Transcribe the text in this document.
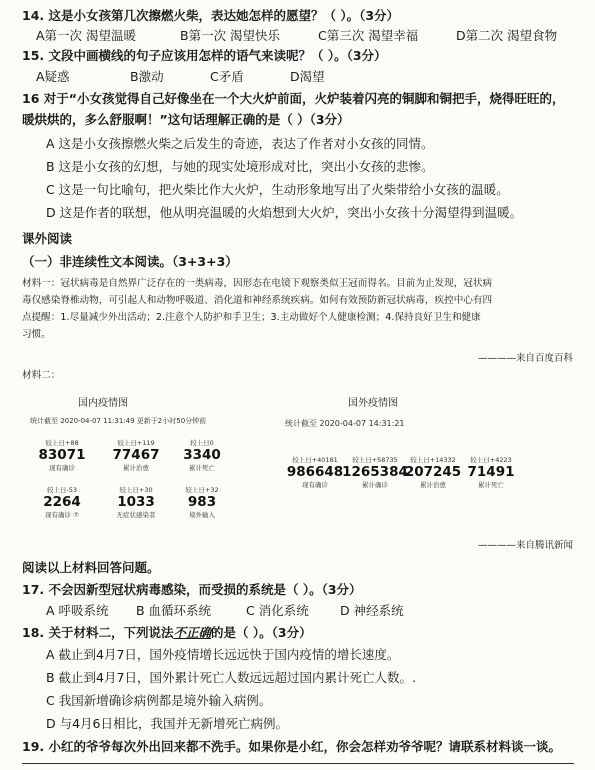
14. 这是小女孩第几次擦燃火柴，表达她怎样的愿望？（ ）。（3分）
A第一次 渴望温暖	B第一次 渴望快乐	C第三次 渴望幸福	D第二次 渴望食物
15. 文段中画横线的句子应该用怎样的语气来读呢？（ ）。（3分）
A疑惑	B激动	C矛盾	D渴望
16 对于“小女孩觉得自己好像坐在一个大火炉前面，火炉装着闪亮的铜脚和铜把手，烧得旺旺的，
暖烘烘的，多么舒服啊！”这句话理解正确的是（ ）（3分）
A 这是小女孩擦燃火柴之后发生的奇迹，表达了作者对小女孩的同情。
B 这是小女孩的幻想，与她的现实处境形成对比，突出小女孩的悲惨。
C 这是一句比喻句，把火柴比作大火炉，生动形象地写出了火柴带给小女孩的温暖。
D 这是作者的联想，他从明亮温暖的火焰想到大火炉，突出小女孩十分渴望得到温暖。
课外阅读
（一）非连续性文本阅读。（3+3+3）
材料一：冠状病毒是自然界广泛存在的一类病毒，因形态在电镜下观察类似王冠而得名。目前为止发现，冠状病
毒仅感染脊椎动物，可引起人和动物呼吸道、消化道和神经系统疾病。如何有效预防新冠状病毒，疾控中心有四
点提醒：1.尽量减少外出活动；2.注意个人防护和手卫生；3.主动做好个人健康检测；4.保持良好卫生和健康
习惯。
————来自百度百科
材料二：
国内疫情图
统计截至 2020-04-07 11:31:49 更新于2小时50分钟前
较上日+88
83071
现有确诊
较上日+119
77467
累计治愈
较上日0
3340
累计死亡
较上日-53
2264
现有确诊 ⑦
较上日+30
1033
无症状感染者
较上日+32
983
境外输入
国外疫情图
统计截至 2020-04-07 14:31:21
较上日+40181
986648
现有确诊
较上日+58735
1265384
累计确诊
较上日+14332
207245
累计治愈
较上日+4223
71491
累计死亡
————来自腾讯新闻
阅读以上材料回答问题。
17. 不会因新型冠状病毒感染，而受损的系统是（ ）。（3分）
A 呼吸系统 B 血循环系统	C 消化系统	D 神经系统
18. 关于材料二，下列说法不正确的是（ ）。（3分）
A 截止到4月7日，国外疫情增长远远快于国内疫情的增长速度。
B 截止到4月7日，国外累计死亡人数远远超过国内累计死亡人数。.
C 我国新增确诊病例都是境外输入病例。
D 与4月6日相比，我国并无新增死亡病例。
19. 小红的爷爷每次外出回来都不洗手。如果你是小红，你会怎样劝爷爷呢？请联系材料谈一谈。
